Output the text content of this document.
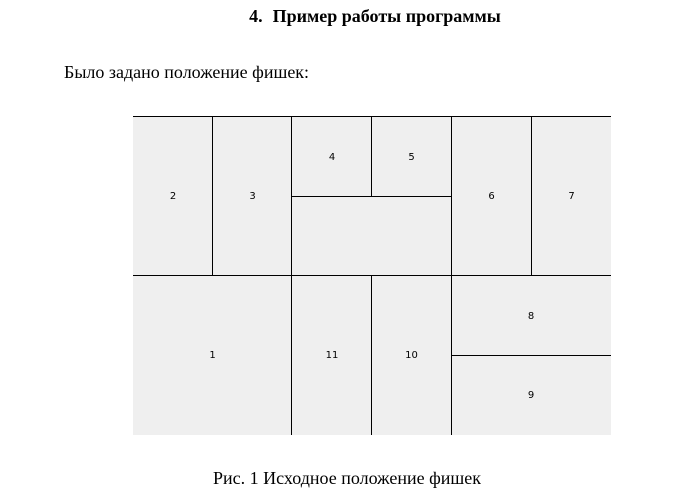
4. Пример работы программы

Было задано положение фишек:

2	3
4	5
6	7
1	11	10
8
9

Рис. 1 Исходное положение фишек
